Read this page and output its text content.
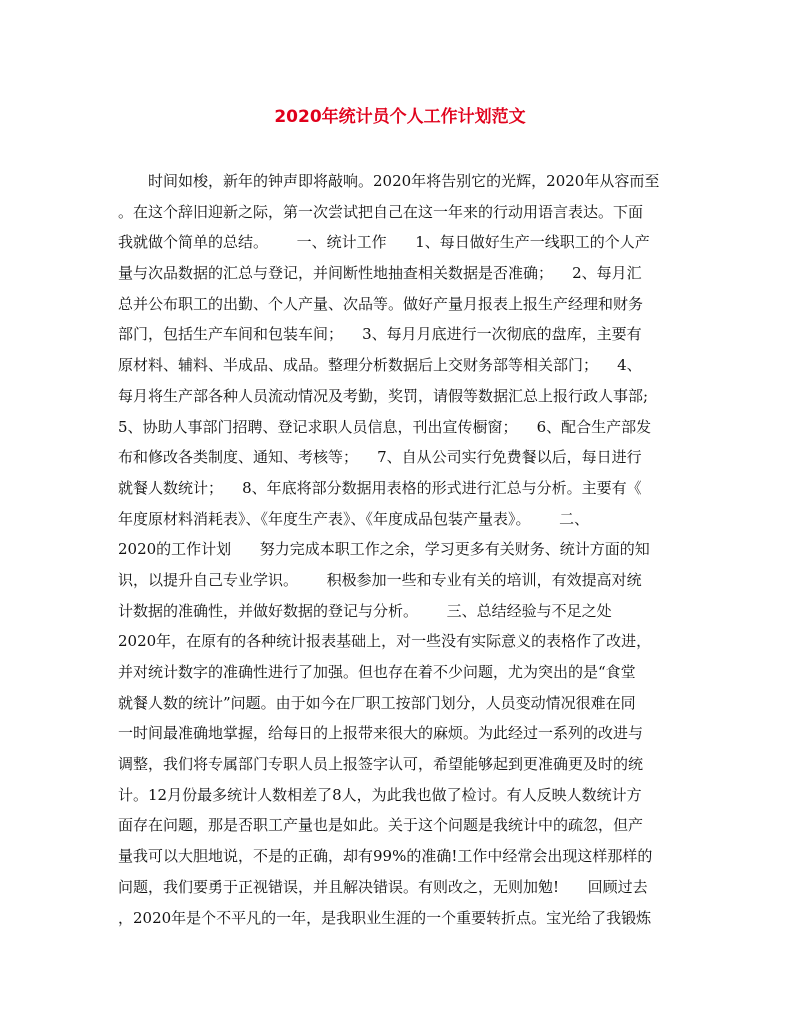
2020年统计员个人工作计划范文
时间如梭，新年的钟声即将敲响。2020年将告别它的光辉，2020年从容而至
。在这个辞旧迎新之际，第一次尝试把自己在这一年来的行动用语言表达。下面
我就做个简单的总结。      一、统计工作      1、每日做好生产一线职工的个人产
量与次品数据的汇总与登记，并间断性地抽查相关数据是否准确；    2、每月汇
总并公布职工的出勤、个人产量、次品等。做好产量月报表上报生产经理和财务
部门，包括生产车间和包装车间；    3、每月月底进行一次彻底的盘库，主要有
原材料、辅料、半成品、成品。整理分析数据后上交财务部等相关部门；    4、
每月将生产部各种人员流动情况及考勤，奖罚，请假等数据汇总上报行政人事部;
5、协助人事部门招聘、登记求职人员信息，刊出宣传橱窗；    6、配合生产部发
布和修改各类制度、通知、考核等；    7、自从公司实行免费餐以后，每日进行
就餐人数统计；    8、年底将部分数据用表格的形式进行汇总与分析。主要有《
年度原材料消耗表》、《年度生产表》、《年度成品包装产量表》。      二、
2020的工作计划      努力完成本职工作之余，学习更多有关财务、统计方面的知
识，以提升自己专业学识。      积极参加一些和专业有关的培训，有效提高对统
计数据的准确性，并做好数据的登记与分析。      三、总结经验与不足之处
2020年，在原有的各种统计报表基础上，对一些没有实际意义的表格作了改进，
并对统计数字的准确性进行了加强。但也存在着不少问题，尤为突出的是“食堂
就餐人数的统计”问题。由于如今在厂职工按部门划分，人员变动情况很难在同
一时间最准确地掌握，给每日的上报带来很大的麻烦。为此经过一系列的改进与
调整，我们将专属部门专职人员上报签字认可，希望能够起到更准确更及时的统
计。12月份最多统计人数相差了8人，为此我也做了检讨。有人反映人数统计方
面存在问题，那是否职工产量也是如此。关于这个问题是我统计中的疏忽，但产
量我可以大胆地说，不是的正确，却有99%的准确!工作中经常会出现这样那样的
问题，我们要勇于正视错误，并且解决错误。有则改之，无则加勉!      回顾过去
，2020年是个不平凡的一年，是我职业生涯的一个重要转折点。宝光给了我锻炼
